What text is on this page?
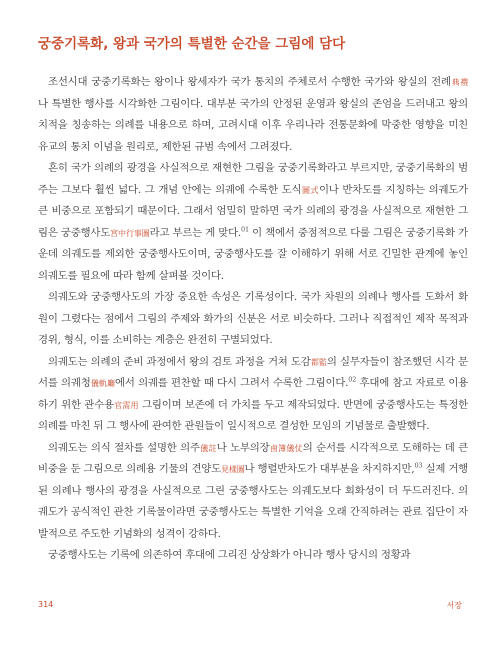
궁중기록화, 왕과 국가의 특별한 순간을 그림에 담다

조선시대 궁중기록화는 왕이나 왕세자가 국가 통치의 주체로서 수행한 국가와 왕실의 전례典禮나 특별한 행사를 시각화한 그림이다. 대부분 국가의 안정된 운영과 왕실의 존엄을 드러내고 왕의 치적을 칭송하는 의례를 내용으로 하며, 고려시대 이후 우리나라 전통문화에 막중한 영향을 미친 유교의 통치 이념을 원리로, 제한된 규범 속에서 그려졌다.

흔히 국가 의례의 광경을 사실적으로 재현한 그림을 궁중기록화라고 부르지만, 궁중기록화의 범주는 그보다 훨씬 넓다. 그 개념 안에는 의궤에 수록한 도식圖式이나 반차도를 지칭하는 의궤도가 큰 비중으로 포함되기 때문이다. 그래서 엄밀히 말하면 국가 의례의 광경을 사실적으로 재현한 그림은 궁중행사도宮中行事圖라고 부르는 게 맞다.$^{01}$ 이 책에서 중점적으로 다룰 그림은 궁중기록화 가운데 의궤도를 제외한 궁중행사도이며, 궁중행사도를 잘 이해하기 위해 서로 긴밀한 관계에 놓인 의궤도를 필요에 따라 함께 살펴볼 것이다.

의궤도와 궁중행사도의 가장 중요한 속성은 기록성이다. 국가 차원의 의례나 행사를 도화서 화원이 그렸다는 점에서 그림의 주제와 화가의 신분은 서로 비슷하다. 그러나 직접적인 제작 목적과 경위, 형식, 이를 소비하는 계층은 완전히 구별되었다.

의궤도는 의례의 준비 과정에서 왕의 검토 과정을 거쳐 도감都監의 실무자들이 참조했던 시각 문서를 의궤청儀軌廳에서 의궤를 편찬할 때 다시 그려서 수록한 그림이다.$^{02}$ 후대에 참고 자료로 이용하기 위한 관수용官需用 그림이며 보존에 더 가치를 두고 제작되었다. 반면에 궁중행사도는 특정한 의례를 마친 뒤 그 행사에 관여한 관원들이 일시적으로 결성한 모임의 기념물로 출발했다.

의궤도는 의식 절차를 설명한 의주儀註나 노부의장鹵簿儀仗의 순서를 시각적으로 도해하는 데 큰 비중을 둔 그림으로 의례용 기물의 견양도見樣圖나 행렬반차도가 대부분을 차지하지만,$^{03}$ 실제 거행된 의례나 행사의 광경을 사실적으로 그린 궁중행사도는 의궤도보다 회화성이 더 두드러진다. 의궤도가 공식적인 관찬 기록물이라면 궁중행사도는 특별한 기억을 오래 간직하려는 관료 집단이 자발적으로 주도한 기념화의 성격이 강하다.

궁중행사도는 기록에 의존하여 후대에 그리진 상상화가 아니라 행사 당시의 정황과

314	서장
